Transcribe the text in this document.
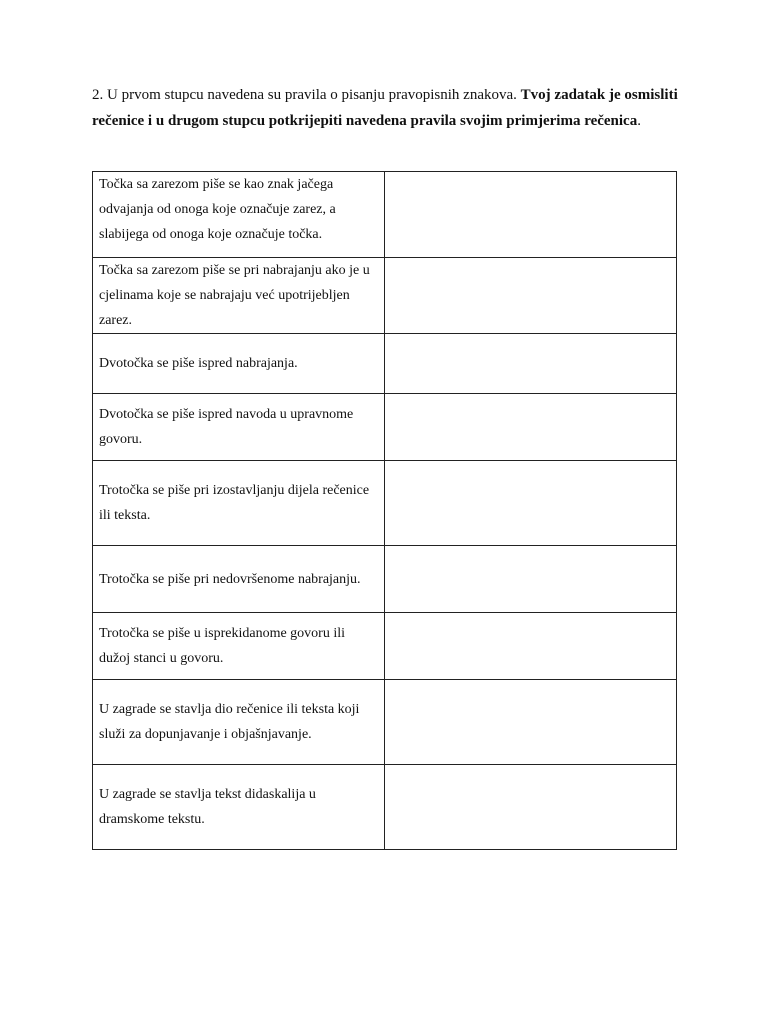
2. U prvom stupcu navedena su pravila o pisanju pravopisnih znakova. Tvoj zadatak je osmisliti rečenice i u drugom stupcu potkrijepiti navedena pravila svojim primjerima rečenica.

Točka sa zarezom piše se kao znak jačega odvajanja od onoga koje označuje zarez, a slabijega od onoga koje označuje točka.	
Točka sa zarezom piše se pri nabrajanju ako je u cjelinama koje se nabrajaju već upotrijebljen zarez.	
Dvotočka se piše ispred nabrajanja.	
Dvotočka se piše ispred navoda u upravnome govoru.	
Trotočka se piše pri izostavljanju dijela rečenice ili teksta.	
Trotočka se piše pri nedovršenome nabrajanju.	
Trotočka se piše u isprekidanome govoru ili dužoj stanci u govoru.	
U zagrade se stavlja dio rečenice ili teksta koji služi za dopunjavanje i objašnjavanje.	
U zagrade se stavlja tekst didaskalija u dramskome tekstu.	
